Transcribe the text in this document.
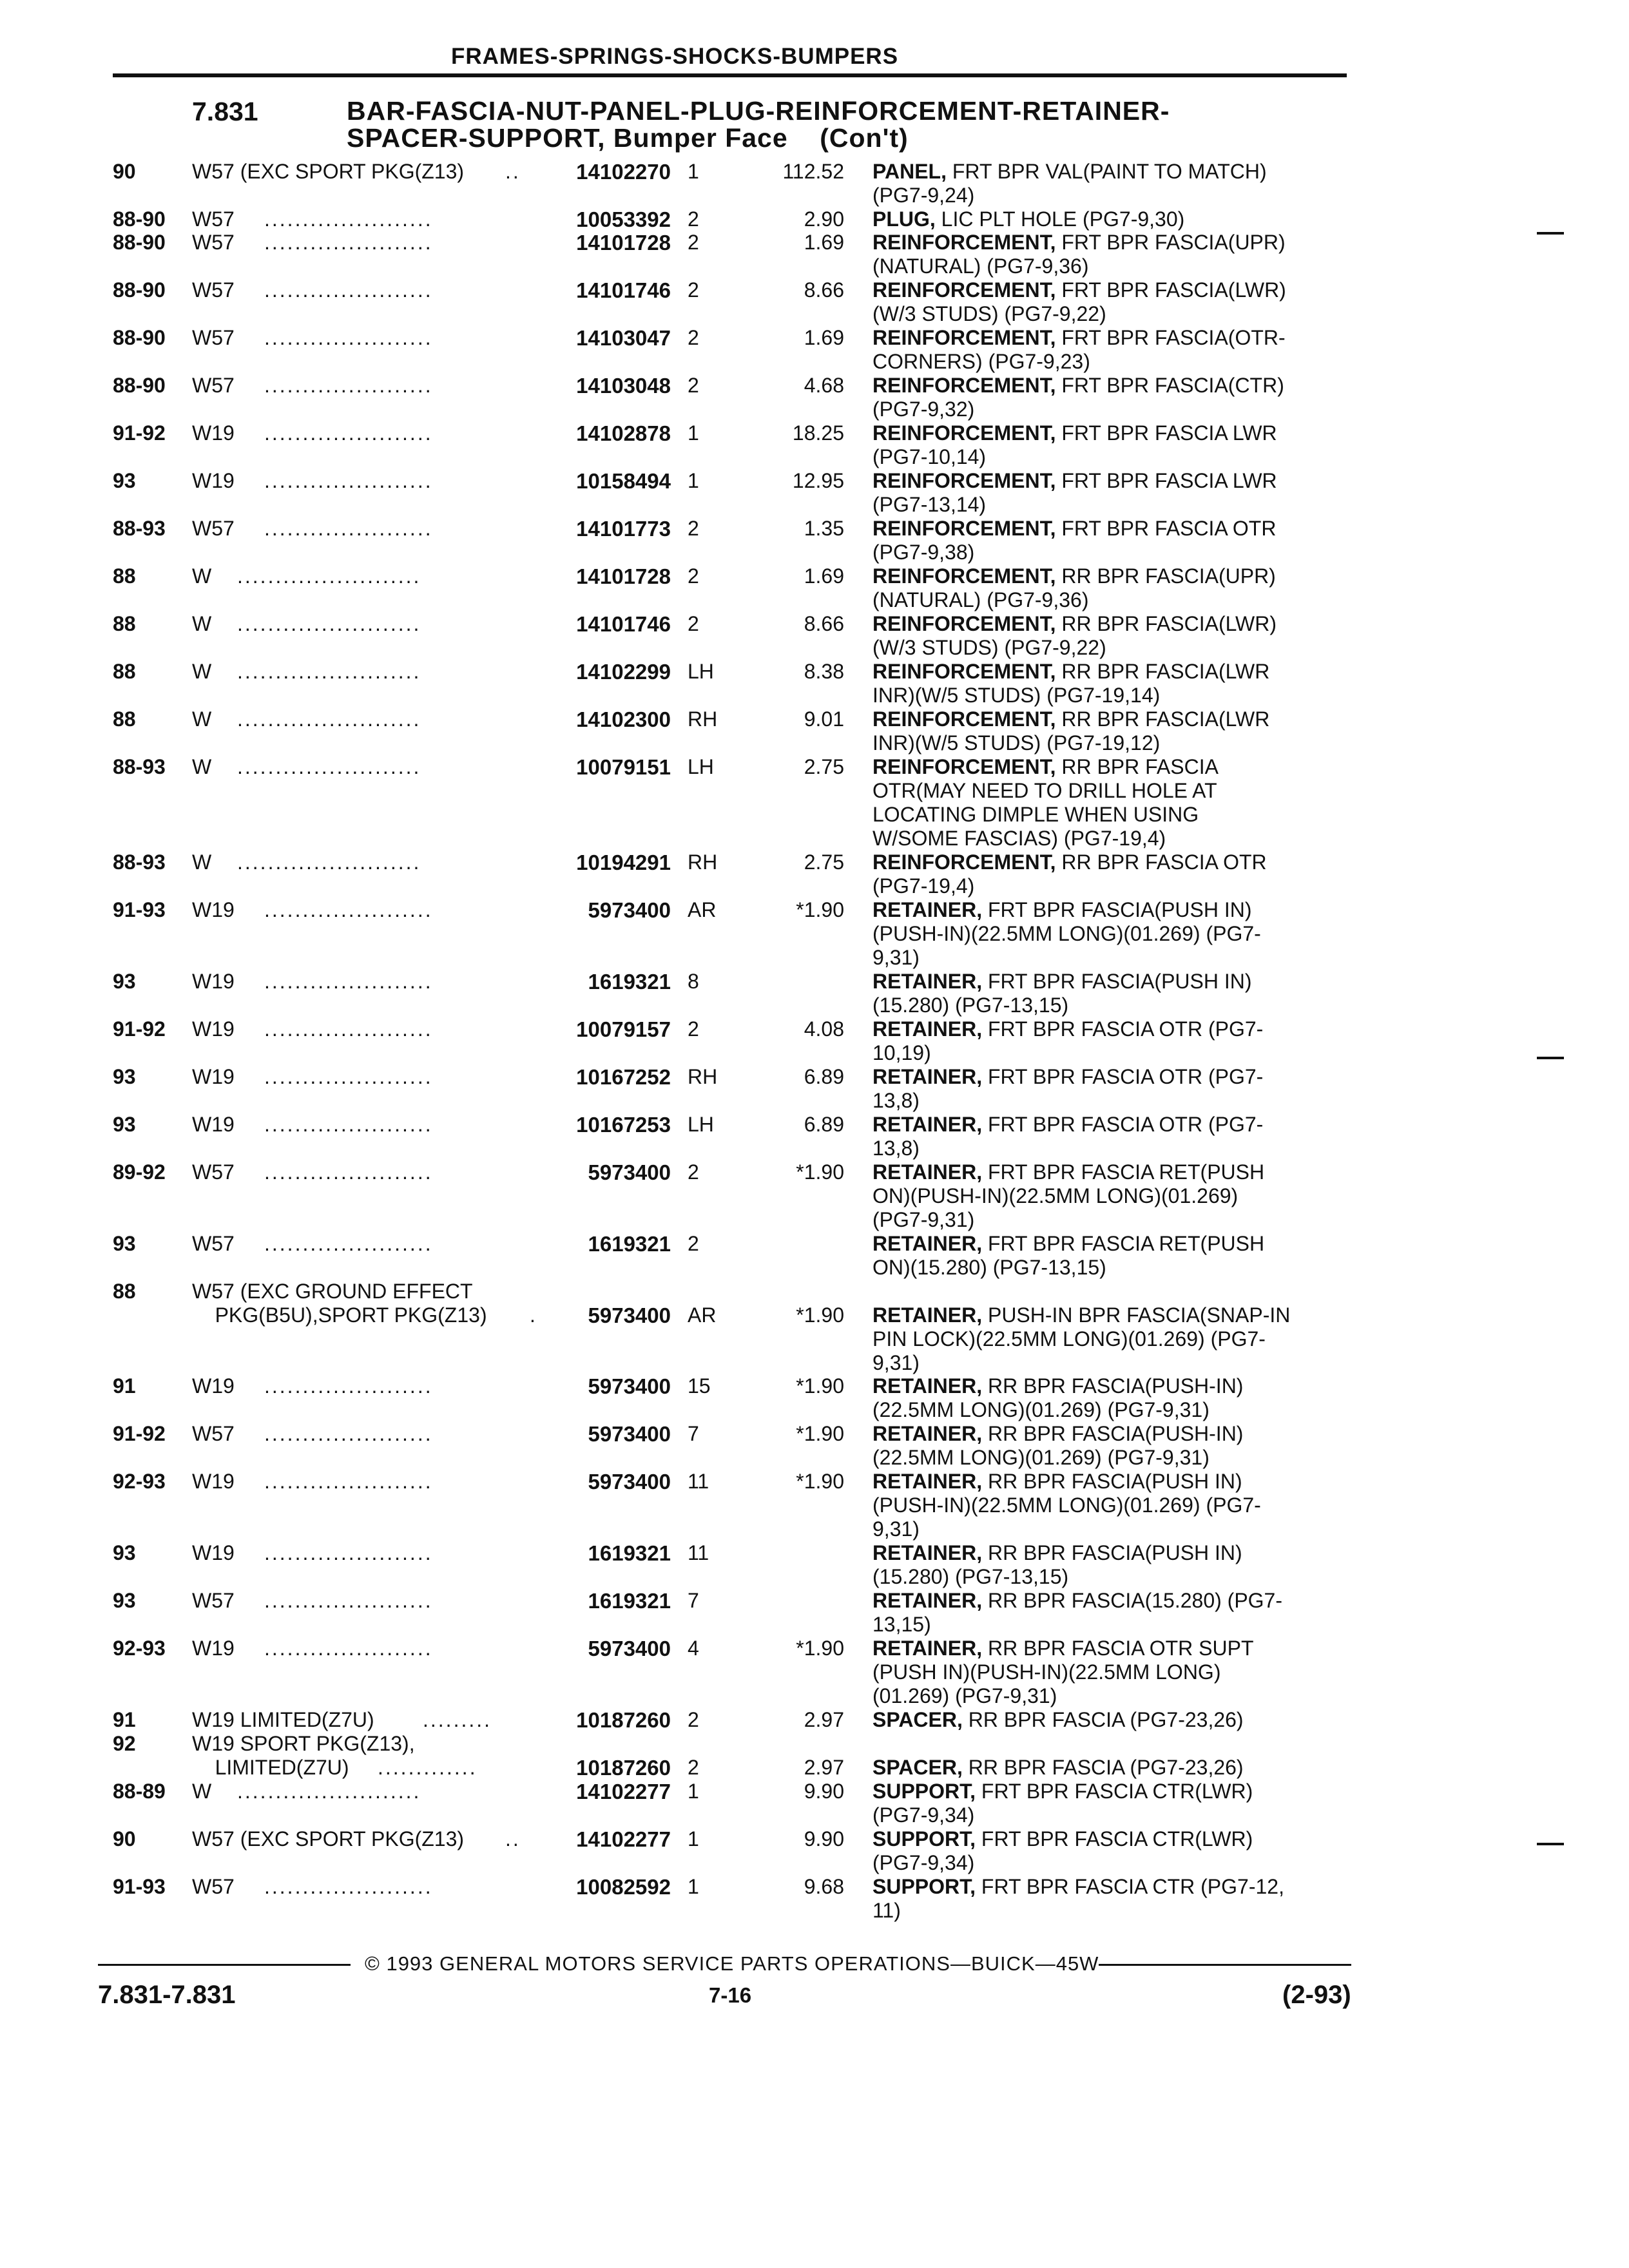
FRAMES-SPRINGS-SHOCKS-BUMPERS
7.831	BAR-FASCIA-NUT-PANEL-PLUG-REINFORCEMENT-RETAINER-
SPACER-SUPPORT, Bumper Face    (Con't)
90	W57 (EXC SPORT PKG(Z13) ..	14102270 1	112.52 PANEL, FRT BPR VAL(PAINT TO MATCH)
(PG7-9,24)
88-90 W57 ......................	10053392 2	2.90 PLUG, LIC PLT HOLE (PG7-9,30)
88-90 W57 ......................	14101728 2	1.69 REINFORCEMENT, FRT BPR FASCIA(UPR)
(NATURAL) (PG7-9,36)
88-90 W57 ......................	14101746 2	8.66 REINFORCEMENT, FRT BPR FASCIA(LWR)
(W/3 STUDS) (PG7-9,22)
88-90 W57 ......................	14103047 2	1.69 REINFORCEMENT, FRT BPR FASCIA(OTR-
CORNERS) (PG7-9,23)
88-90 W57 ......................	14103048 2	4.68 REINFORCEMENT, FRT BPR FASCIA(CTR)
(PG7-9,32)
91-92 W19 ......................	14102878 1	18.25 REINFORCEMENT, FRT BPR FASCIA LWR
(PG7-10,14)
93	W19 ......................	10158494 1	12.95 REINFORCEMENT, FRT BPR FASCIA LWR
(PG7-13,14)
88-93 W57 ......................	14101773 2	1.35 REINFORCEMENT, FRT BPR FASCIA OTR
(PG7-9,38)
88	W ........................	14101728 2	1.69 REINFORCEMENT, RR BPR FASCIA(UPR)
(NATURAL) (PG7-9,36)
88	W ........................	14101746 2	8.66 REINFORCEMENT, RR BPR FASCIA(LWR)
(W/3 STUDS) (PG7-9,22)
88	W ........................	14102299 LH	8.38 REINFORCEMENT, RR BPR FASCIA(LWR
INR)(W/5 STUDS) (PG7-19,14)
88	W ........................	14102300 RH	9.01 REINFORCEMENT, RR BPR FASCIA(LWR
INR)(W/5 STUDS) (PG7-19,12)
88-93 W ........................	10079151 LH	2.75 REINFORCEMENT, RR BPR FASCIA
OTR(MAY NEED TO DRILL HOLE AT
LOCATING DIMPLE WHEN USING
W/SOME FASCIAS) (PG7-19,4)
88-93 W ........................	10194291 RH	2.75 REINFORCEMENT, RR BPR FASCIA OTR
(PG7-19,4)
91-93 W19 ......................	5973400 AR	*1.90 RETAINER, FRT BPR FASCIA(PUSH IN)
(PUSH-IN)(22.5MM LONG)(01.269) (PG7-
9,31)
93	W19 ......................	1619321 8	RETAINER, FRT BPR FASCIA(PUSH IN)
(15.280) (PG7-13,15)
91-92 W19 ......................	10079157 2	4.08 RETAINER, FRT BPR FASCIA OTR (PG7-
10,19)
93	W19 ......................	10167252 RH	6.89 RETAINER, FRT BPR FASCIA OTR (PG7-
13,8)
93	W19 ......................	10167253 LH	6.89 RETAINER, FRT BPR FASCIA OTR (PG7-
13,8)
89-92 W57 ......................	5973400 2	*1.90 RETAINER, FRT BPR FASCIA RET(PUSH
ON)(PUSH-IN)(22.5MM LONG)(01.269)
(PG7-9,31)
93	W57 ......................	1619321 2	RETAINER, FRT BPR FASCIA RET(PUSH
ON)(15.280) (PG7-13,15)
88	W57 (EXC GROUND EFFECT
PKG(B5U),SPORT PKG(Z13) .	5973400 AR	*1.90 RETAINER, PUSH-IN BPR FASCIA(SNAP-IN
PIN LOCK)(22.5MM LONG)(01.269) (PG7-
9,31)
91	W19 ......................	5973400 15	*1.90 RETAINER, RR BPR FASCIA(PUSH-IN)
(22.5MM LONG)(01.269) (PG7-9,31)
91-92 W57 ......................	5973400 7	*1.90 RETAINER, RR BPR FASCIA(PUSH-IN)
(22.5MM LONG)(01.269) (PG7-9,31)
92-93 W19 ......................	5973400 11	*1.90 RETAINER, RR BPR FASCIA(PUSH IN)
(PUSH-IN)(22.5MM LONG)(01.269) (PG7-
9,31)
93	W19 ......................	1619321 11	RETAINER, RR BPR FASCIA(PUSH IN)
(15.280) (PG7-13,15)
93	W57 ......................	1619321 7	RETAINER, RR BPR FASCIA(15.280) (PG7-
13,15)
92-93 W19 ......................	5973400 4	*1.90 RETAINER, RR BPR FASCIA OTR SUPT
(PUSH IN)(PUSH-IN)(22.5MM LONG)
(01.269) (PG7-9,31)
91	W19 LIMITED(Z7U) .........	10187260 2	2.97 SPACER, RR BPR FASCIA (PG7-23,26)
92	W19 SPORT PKG(Z13),
LIMITED(Z7U)	.............	10187260 2	2.97 SPACER, RR BPR FASCIA (PG7-23,26)
88-89 W ........................	14102277 1	9.90 SUPPORT, FRT BPR FASCIA CTR(LWR)
(PG7-9,34)
90	W57 (EXC SPORT PKG(Z13) ..	14102277 1	9.90 SUPPORT, FRT BPR FASCIA CTR(LWR)
(PG7-9,34)
91-93 W57 ......................	10082592 1	9.68 SUPPORT, FRT BPR FASCIA CTR (PG7-12,
11)
© 1993 GENERAL MOTORS SERVICE PARTS OPERATIONS—BUICK—45W
7.831-7.831	7-16	(2-93)
